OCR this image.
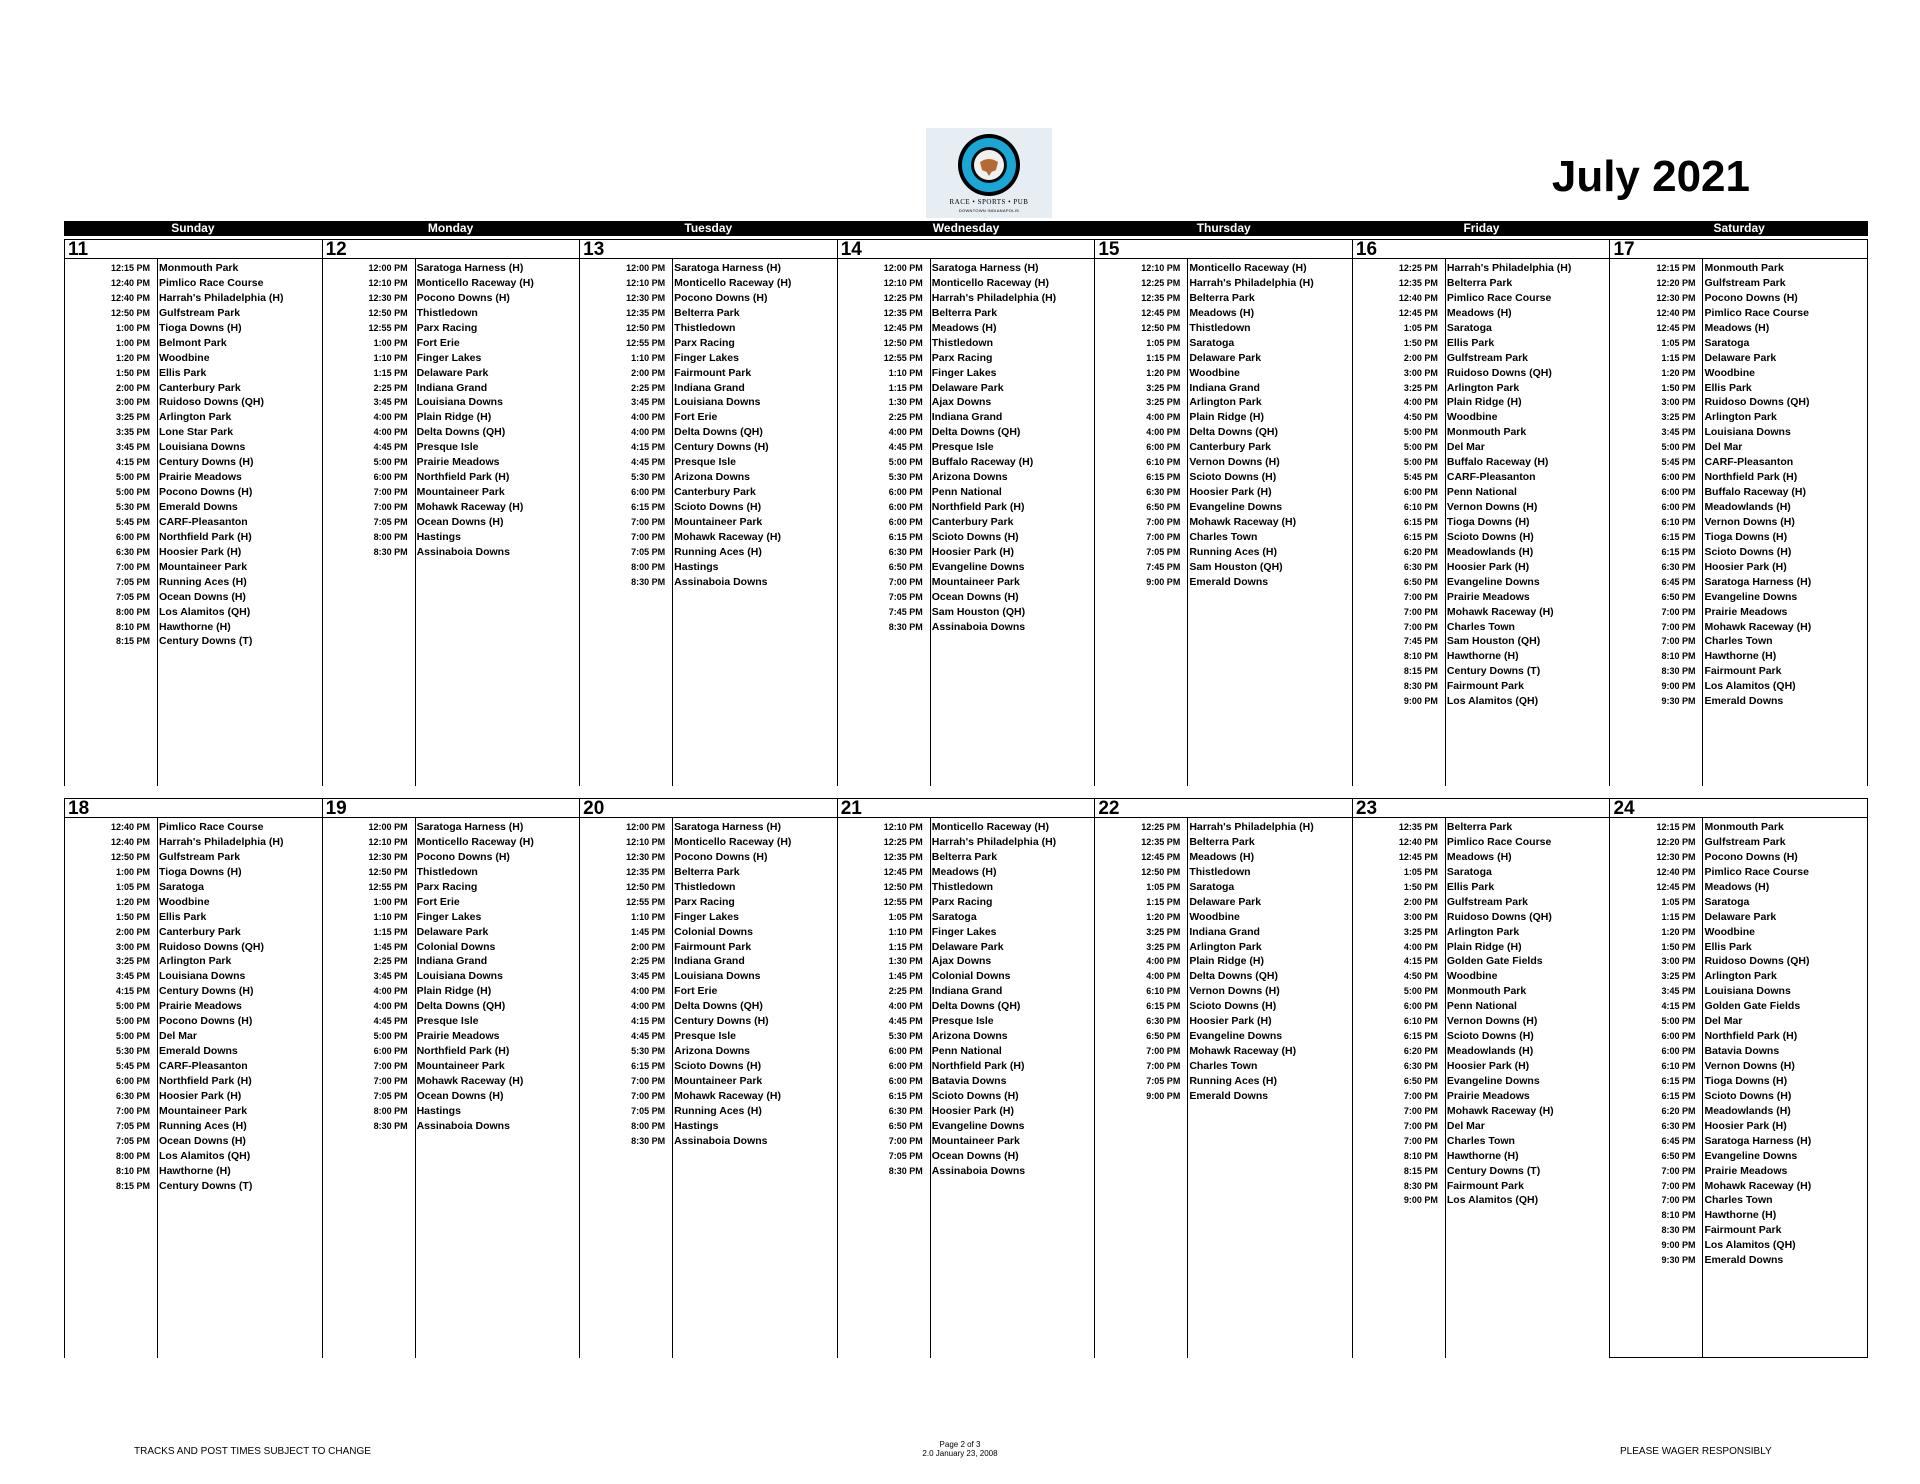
RACE • SPORTS • PUB
DOWNTOWN INDIANAPOLIS
July 2021
Sunday	Monday	Tuesday	Wednesday	Thursday	Friday	Saturday
11
12:15 PM Monmouth Park
12:40 PM Pimlico Race Course
12:40 PM Harrah's Philadelphia (H)
12:50 PM Gulfstream Park
1:00 PM Tioga Downs (H)
1:00 PM Belmont Park
1:20 PM Woodbine
1:50 PM Ellis Park
2:00 PM Canterbury Park
3:00 PM Ruidoso Downs (QH)
3:25 PM Arlington Park
3:35 PM Lone Star Park
3:45 PM Louisiana Downs
4:15 PM Century Downs (H)
5:00 PM Prairie Meadows
5:00 PM Pocono Downs (H)
5:30 PM Emerald Downs
5:45 PM CARF-Pleasanton
6:00 PM Northfield Park (H)
6:30 PM Hoosier Park (H)
7:00 PM Mountaineer Park
7:05 PM Running Aces (H)
7:05 PM Ocean Downs (H)
8:00 PM Los Alamitos (QH)
8:10 PM Hawthorne (H)
8:15 PM Century Downs (T)
12
12:00 PM Saratoga Harness (H)
12:10 PM Monticello Raceway (H)
12:30 PM Pocono Downs (H)
12:50 PM Thistledown
12:55 PM Parx Racing
1:00 PM Fort Erie
1:10 PM Finger Lakes
1:15 PM Delaware Park
2:25 PM Indiana Grand
3:45 PM Louisiana Downs
4:00 PM Plain Ridge (H)
4:00 PM Delta Downs (QH)
4:45 PM Presque Isle
5:00 PM Prairie Meadows
6:00 PM Northfield Park (H)
7:00 PM Mountaineer Park
7:00 PM Mohawk Raceway (H)
7:05 PM Ocean Downs (H)
8:00 PM Hastings
8:30 PM Assinaboia Downs
13
12:00 PM Saratoga Harness (H)
12:10 PM Monticello Raceway (H)
12:30 PM Pocono Downs (H)
12:35 PM Belterra Park
12:50 PM Thistledown
12:55 PM Parx Racing
1:10 PM Finger Lakes
2:00 PM Fairmount Park
2:25 PM Indiana Grand
3:45 PM Louisiana Downs
4:00 PM Fort Erie
4:00 PM Delta Downs (QH)
4:15 PM Century Downs (H)
4:45 PM Presque Isle
5:30 PM Arizona Downs
6:00 PM Canterbury Park
6:15 PM Scioto Downs (H)
7:00 PM Mountaineer Park
7:00 PM Mohawk Raceway (H)
7:05 PM Running Aces (H)
8:00 PM Hastings
8:30 PM Assinaboia Downs
14
12:00 PM Saratoga Harness (H)
12:10 PM Monticello Raceway (H)
12:25 PM Harrah's Philadelphia (H)
12:35 PM Belterra Park
12:45 PM Meadows (H)
12:50 PM Thistledown
12:55 PM Parx Racing
1:10 PM Finger Lakes
1:15 PM Delaware Park
1:30 PM Ajax Downs
2:25 PM Indiana Grand
4:00 PM Delta Downs (QH)
4:45 PM Presque Isle
5:00 PM Buffalo Raceway (H)
5:30 PM Arizona Downs
6:00 PM Penn National
6:00 PM Northfield Park (H)
6:00 PM Canterbury Park
6:15 PM Scioto Downs (H)
6:30 PM Hoosier Park (H)
6:50 PM Evangeline Downs
7:00 PM Mountaineer Park
7:05 PM Ocean Downs (H)
7:45 PM Sam Houston (QH)
8:30 PM Assinaboia Downs
15
12:10 PM Monticello Raceway (H)
12:25 PM Harrah's Philadelphia (H)
12:35 PM Belterra Park
12:45 PM Meadows (H)
12:50 PM Thistledown
1:05 PM Saratoga
1:15 PM Delaware Park
1:20 PM Woodbine
3:25 PM Indiana Grand
3:25 PM Arlington Park
4:00 PM Plain Ridge (H)
4:00 PM Delta Downs (QH)
6:00 PM Canterbury Park
6:10 PM Vernon Downs (H)
6:15 PM Scioto Downs (H)
6:30 PM Hoosier Park (H)
6:50 PM Evangeline Downs
7:00 PM Mohawk Raceway (H)
7:00 PM Charles Town
7:05 PM Running Aces (H)
7:45 PM Sam Houston (QH)
9:00 PM Emerald Downs
16
12:25 PM Harrah's Philadelphia (H)
12:35 PM Belterra Park
12:40 PM Pimlico Race Course
12:45 PM Meadows (H)
1:05 PM Saratoga
1:50 PM Ellis Park
2:00 PM Gulfstream Park
3:00 PM Ruidoso Downs (QH)
3:25 PM Arlington Park
4:00 PM Plain Ridge (H)
4:50 PM Woodbine
5:00 PM Monmouth Park
5:00 PM Del Mar
5:00 PM Buffalo Raceway (H)
5:45 PM CARF-Pleasanton
6:00 PM Penn National
6:10 PM Vernon Downs (H)
6:15 PM Tioga Downs (H)
6:15 PM Scioto Downs (H)
6:20 PM Meadowlands (H)
6:30 PM Hoosier Park (H)
6:50 PM Evangeline Downs
7:00 PM Prairie Meadows
7:00 PM Mohawk Raceway (H)
7:00 PM Charles Town
7:45 PM Sam Houston (QH)
8:10 PM Hawthorne (H)
8:15 PM Century Downs (T)
8:30 PM Fairmount Park
9:00 PM Los Alamitos (QH)
17
12:15 PM Monmouth Park
12:20 PM Gulfstream Park
12:30 PM Pocono Downs (H)
12:40 PM Pimlico Race Course
12:45 PM Meadows (H)
1:05 PM Saratoga
1:15 PM Delaware Park
1:20 PM Woodbine
1:50 PM Ellis Park
3:00 PM Ruidoso Downs (QH)
3:25 PM Arlington Park
3:45 PM Louisiana Downs
5:00 PM Del Mar
5:45 PM CARF-Pleasanton
6:00 PM Northfield Park (H)
6:00 PM Buffalo Raceway (H)
6:00 PM Meadowlands (H)
6:10 PM Vernon Downs (H)
6:15 PM Tioga Downs (H)
6:15 PM Scioto Downs (H)
6:30 PM Hoosier Park (H)
6:45 PM Saratoga Harness (H)
6:50 PM Evangeline Downs
7:00 PM Prairie Meadows
7:00 PM Mohawk Raceway (H)
7:00 PM Charles Town
8:10 PM Hawthorne (H)
8:30 PM Fairmount Park
9:00 PM Los Alamitos (QH)
9:30 PM Emerald Downs
18
12:40 PM Pimlico Race Course
12:40 PM Harrah's Philadelphia (H)
12:50 PM Gulfstream Park
1:00 PM Tioga Downs (H)
1:05 PM Saratoga
1:20 PM Woodbine
1:50 PM Ellis Park
2:00 PM Canterbury Park
3:00 PM Ruidoso Downs (QH)
3:25 PM Arlington Park
3:45 PM Louisiana Downs
4:15 PM Century Downs (H)
5:00 PM Prairie Meadows
5:00 PM Pocono Downs (H)
5:00 PM Del Mar
5:30 PM Emerald Downs
5:45 PM CARF-Pleasanton
6:00 PM Northfield Park (H)
6:30 PM Hoosier Park (H)
7:00 PM Mountaineer Park
7:05 PM Running Aces (H)
7:05 PM Ocean Downs (H)
8:00 PM Los Alamitos (QH)
8:10 PM Hawthorne (H)
8:15 PM Century Downs (T)
19
12:00 PM Saratoga Harness (H)
12:10 PM Monticello Raceway (H)
12:30 PM Pocono Downs (H)
12:50 PM Thistledown
12:55 PM Parx Racing
1:00 PM Fort Erie
1:10 PM Finger Lakes
1:15 PM Delaware Park
1:45 PM Colonial Downs
2:25 PM Indiana Grand
3:45 PM Louisiana Downs
4:00 PM Plain Ridge (H)
4:00 PM Delta Downs (QH)
4:45 PM Presque Isle
5:00 PM Prairie Meadows
6:00 PM Northfield Park (H)
7:00 PM Mountaineer Park
7:00 PM Mohawk Raceway (H)
7:05 PM Ocean Downs (H)
8:00 PM Hastings
8:30 PM Assinaboia Downs
20
12:00 PM Saratoga Harness (H)
12:10 PM Monticello Raceway (H)
12:30 PM Pocono Downs (H)
12:35 PM Belterra Park
12:50 PM Thistledown
12:55 PM Parx Racing
1:10 PM Finger Lakes
1:45 PM Colonial Downs
2:00 PM Fairmount Park
2:25 PM Indiana Grand
3:45 PM Louisiana Downs
4:00 PM Fort Erie
4:00 PM Delta Downs (QH)
4:15 PM Century Downs (H)
4:45 PM Presque Isle
5:30 PM Arizona Downs
6:15 PM Scioto Downs (H)
7:00 PM Mountaineer Park
7:00 PM Mohawk Raceway (H)
7:05 PM Running Aces (H)
8:00 PM Hastings
8:30 PM Assinaboia Downs
21
12:10 PM Monticello Raceway (H)
12:25 PM Harrah's Philadelphia (H)
12:35 PM Belterra Park
12:45 PM Meadows (H)
12:50 PM Thistledown
12:55 PM Parx Racing
1:05 PM Saratoga
1:10 PM Finger Lakes
1:15 PM Delaware Park
1:30 PM Ajax Downs
1:45 PM Colonial Downs
2:25 PM Indiana Grand
4:00 PM Delta Downs (QH)
4:45 PM Presque Isle
5:30 PM Arizona Downs
6:00 PM Penn National
6:00 PM Northfield Park (H)
6:00 PM Batavia Downs
6:15 PM Scioto Downs (H)
6:30 PM Hoosier Park (H)
6:50 PM Evangeline Downs
7:00 PM Mountaineer Park
7:05 PM Ocean Downs (H)
8:30 PM Assinaboia Downs
22
12:25 PM Harrah's Philadelphia (H)
12:35 PM Belterra Park
12:45 PM Meadows (H)
12:50 PM Thistledown
1:05 PM Saratoga
1:15 PM Delaware Park
1:20 PM Woodbine
3:25 PM Indiana Grand
3:25 PM Arlington Park
4:00 PM Plain Ridge (H)
4:00 PM Delta Downs (QH)
6:10 PM Vernon Downs (H)
6:15 PM Scioto Downs (H)
6:30 PM Hoosier Park (H)
6:50 PM Evangeline Downs
7:00 PM Mohawk Raceway (H)
7:00 PM Charles Town
7:05 PM Running Aces (H)
9:00 PM Emerald Downs
23
12:35 PM Belterra Park
12:40 PM Pimlico Race Course
12:45 PM Meadows (H)
1:05 PM Saratoga
1:50 PM Ellis Park
2:00 PM Gulfstream Park
3:00 PM Ruidoso Downs (QH)
3:25 PM Arlington Park
4:00 PM Plain Ridge (H)
4:15 PM Golden Gate Fields
4:50 PM Woodbine
5:00 PM Monmouth Park
6:00 PM Penn National
6:10 PM Vernon Downs (H)
6:15 PM Scioto Downs (H)
6:20 PM Meadowlands (H)
6:30 PM Hoosier Park (H)
6:50 PM Evangeline Downs
7:00 PM Prairie Meadows
7:00 PM Mohawk Raceway (H)
7:00 PM Del Mar
7:00 PM Charles Town
8:10 PM Hawthorne (H)
8:15 PM Century Downs (T)
8:30 PM Fairmount Park
9:00 PM Los Alamitos (QH)
24
12:15 PM Monmouth Park
12:20 PM Gulfstream Park
12:30 PM Pocono Downs (H)
12:40 PM Pimlico Race Course
12:45 PM Meadows (H)
1:05 PM Saratoga
1:15 PM Delaware Park
1:20 PM Woodbine
1:50 PM Ellis Park
3:00 PM Ruidoso Downs (QH)
3:25 PM Arlington Park
3:45 PM Louisiana Downs
4:15 PM Golden Gate Fields
5:00 PM Del Mar
6:00 PM Northfield Park (H)
6:00 PM Batavia Downs
6:10 PM Vernon Downs (H)
6:15 PM Tioga Downs (H)
6:15 PM Scioto Downs (H)
6:20 PM Meadowlands (H)
6:30 PM Hoosier Park (H)
6:45 PM Saratoga Harness (H)
6:50 PM Evangeline Downs
7:00 PM Prairie Meadows
7:00 PM Mohawk Raceway (H)
7:00 PM Charles Town
8:10 PM Hawthorne (H)
8:30 PM Fairmount Park
9:00 PM Los Alamitos (QH)
9:30 PM Emerald Downs
TRACKS AND POST TIMES SUBJECT TO CHANGE
Page 2 of 3
2.0 January 23, 2008	PLEASE WAGER RESPONSIBLY
